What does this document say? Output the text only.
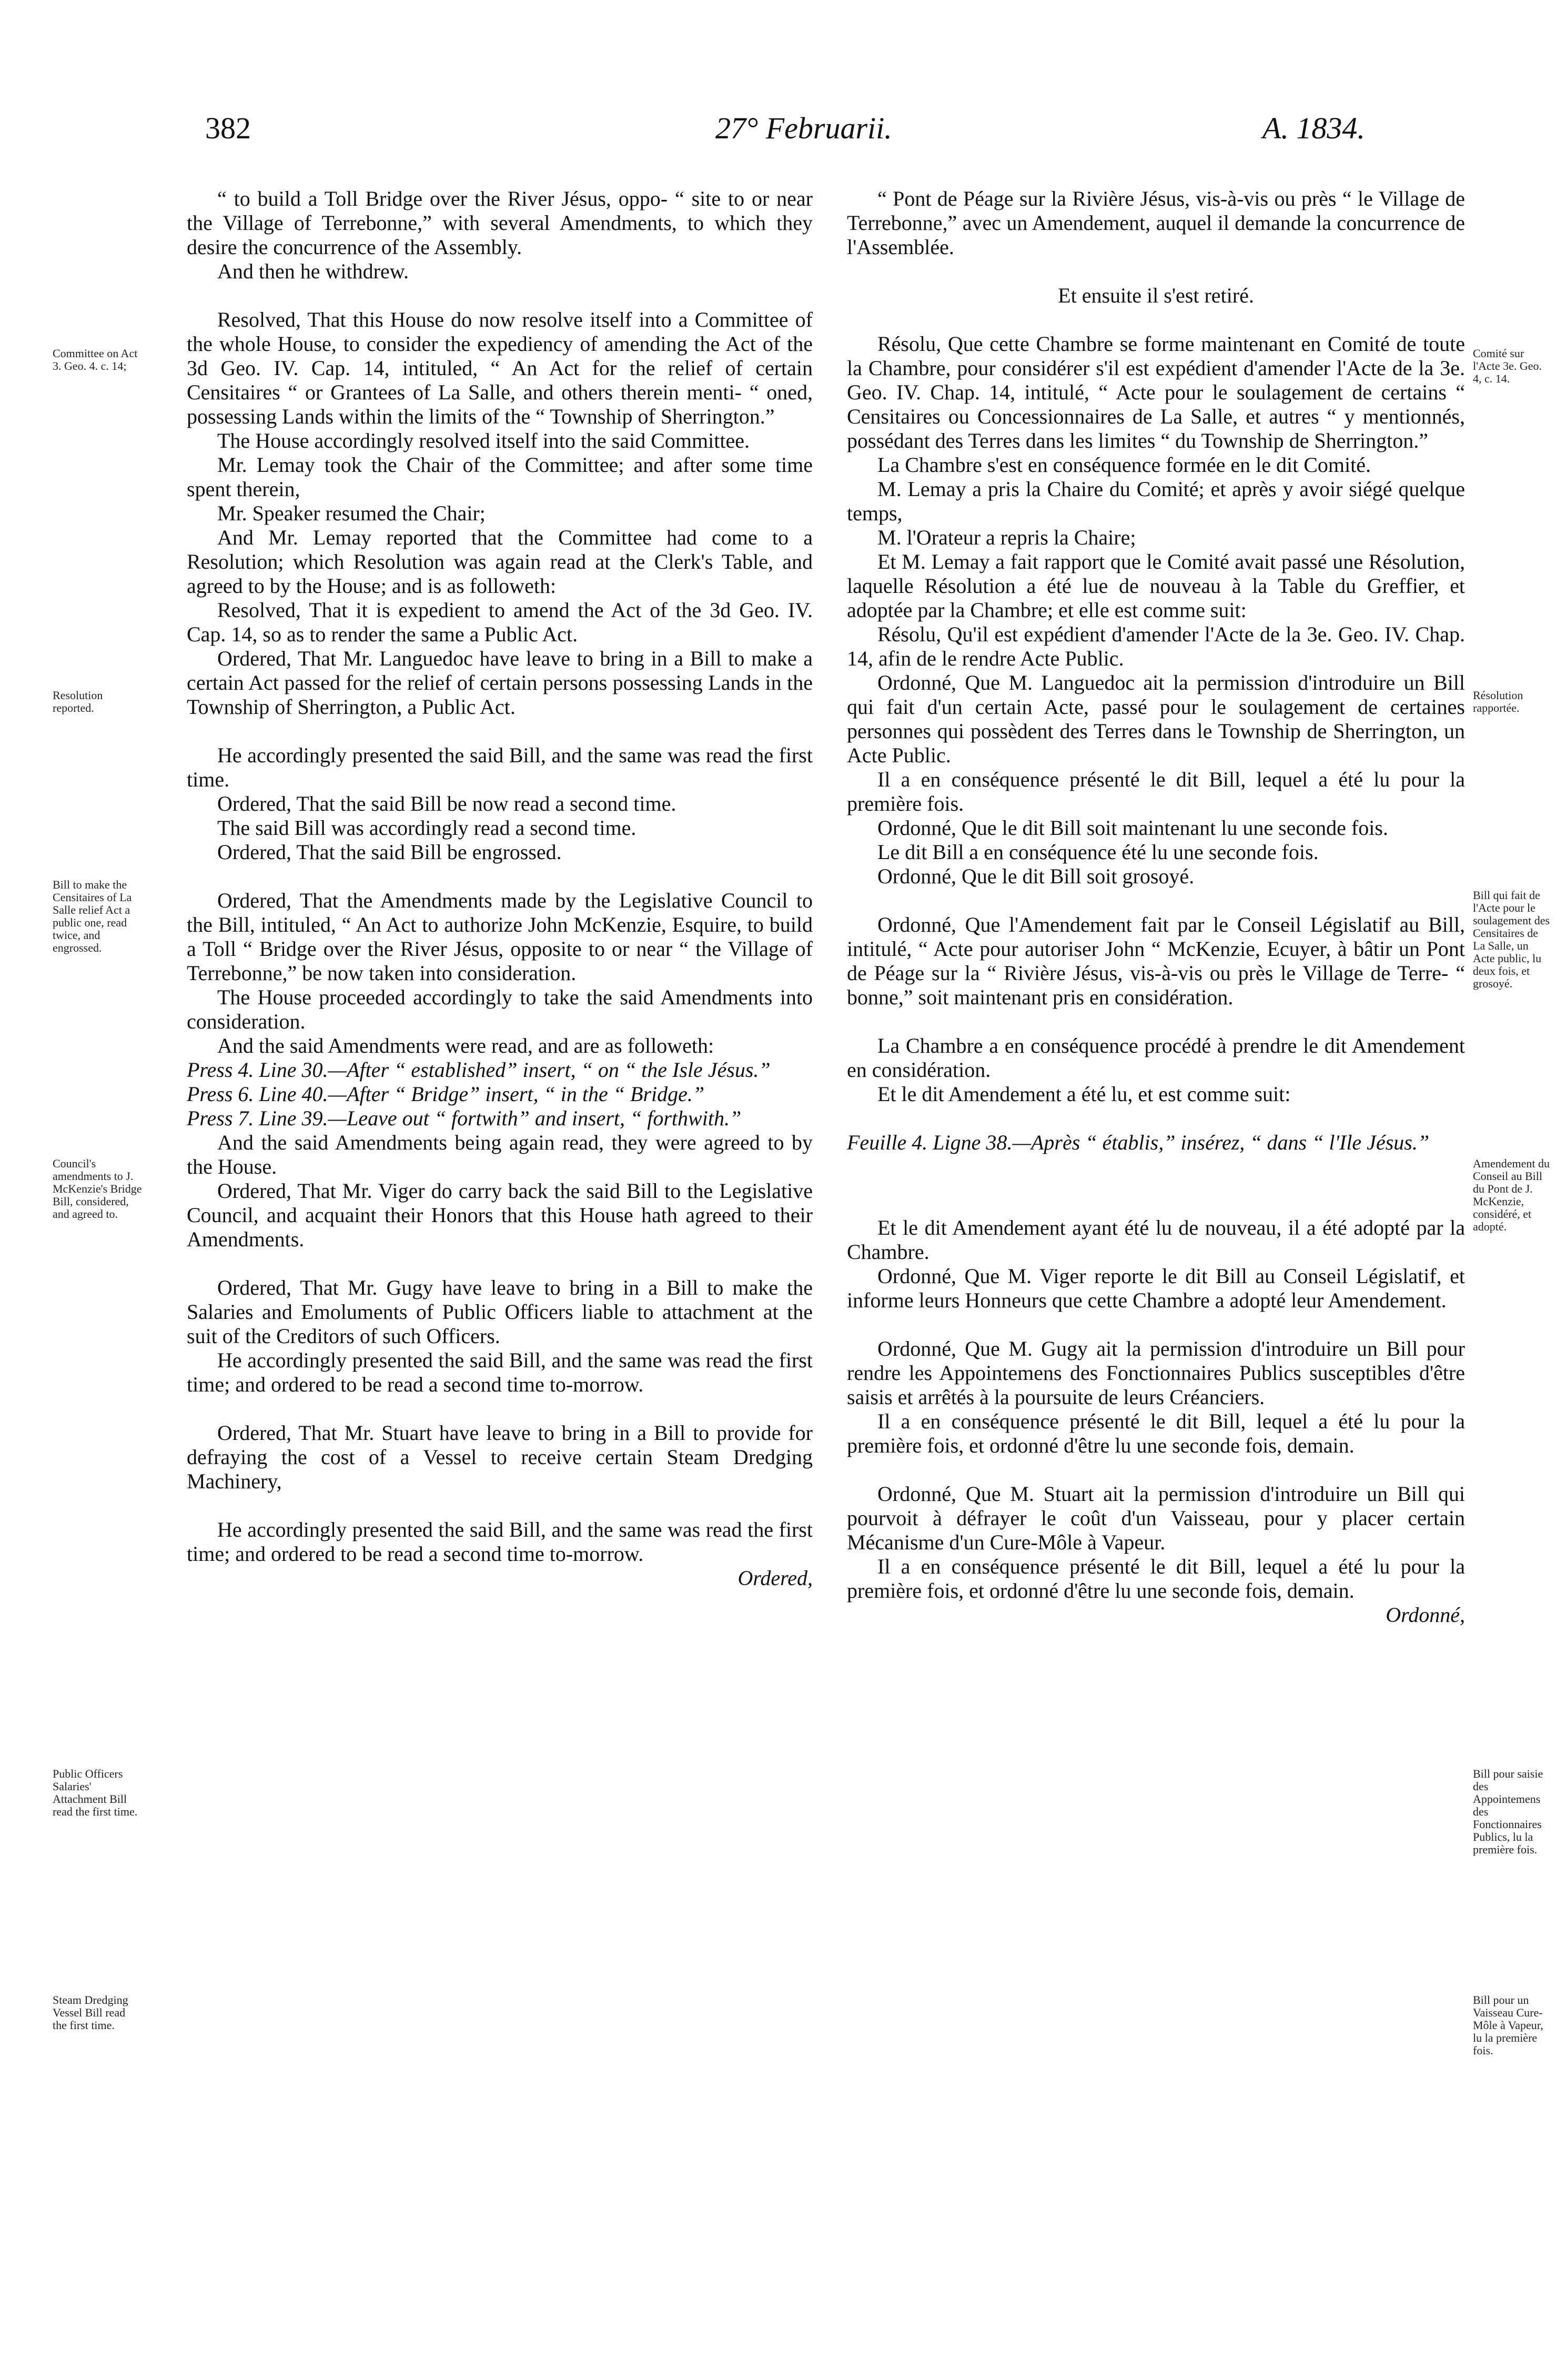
382	27° Februarii.	A. 1834.
Committee on Act 3. Geo. 4. c. 14;
Resolution reported.
Bill to make the Censitaires of La Salle relief Act a public one, read twice, and engrossed.
Council's amendments to J. McKenzie's Bridge Bill, considered, and agreed to.
Public Officers Salaries' Attachment Bill read the first time.
Steam Dredging Vessel Bill read the first time.
Comité sur l'Acte 3e. Geo. 4, c. 14.
Résolution rapportée.
Bill qui fait de l'Acte pour le soulagement des Censitaires de La Salle, un Acte public, lu deux fois, et grosoyé.
Amendement du Conseil au Bill du Pont de J. McKenzie, considéré, et adopté.
Bill pour saisie des Appointemens des Fonctionnaires Publics, lu la première fois.
Bill pour un Vaisseau Cure-Môle à Vapeur, lu la première fois.

“ to build a Toll Bridge over the River Jésus, oppo- “ site to or near the Village of Terrebonne,” with several Amendments, to which they desire the concurrence of the Assembly.

And then he withdrew.

Resolved, That this House do now resolve itself into a Committee of the whole House, to consider the expediency of amending the Act of the 3d Geo. IV. Cap. 14, intituled, “ An Act for the relief of certain Censitaires “ or Grantees of La Salle, and others therein menti- “ oned, possessing Lands within the limits of the “ Township of Sherrington.”

The House accordingly resolved itself into the said Committee.

Mr. Lemay took the Chair of the Committee; and after some time spent therein,

Mr. Speaker resumed the Chair;

And Mr. Lemay reported that the Committee had come to a Resolution; which Resolution was again read at the Clerk's Table, and agreed to by the House; and is as followeth:

Resolved, That it is expedient to amend the Act of the 3d Geo. IV. Cap. 14, so as to render the same a Public Act.

Ordered, That Mr. Languedoc have leave to bring in a Bill to make a certain Act passed for the relief of certain persons possessing Lands in the Township of Sherrington, a Public Act.

He accordingly presented the said Bill, and the same was read the first time.

Ordered, That the said Bill be now read a second time.

The said Bill was accordingly read a second time.

Ordered, That the said Bill be engrossed.

Ordered, That the Amendments made by the Legislative Council to the Bill, intituled, “ An Act to authorize John McKenzie, Esquire, to build a Toll “ Bridge over the River Jésus, opposite to or near “ the Village of Terrebonne,” be now taken into consideration.

The House proceeded accordingly to take the said Amendments into consideration.

And the said Amendments were read, and are as followeth:

Press 4. Line 30.—After “ established” insert, “ on “ the Isle Jésus.”

Press 6. Line 40.—After “ Bridge” insert, “ in the “ Bridge.”

Press 7. Line 39.—Leave out “ fortwith” and insert, “ forthwith.”

And the said Amendments being again read, they were agreed to by the House.

Ordered, That Mr. Viger do carry back the said Bill to the Legislative Council, and acquaint their Honors that this House hath agreed to their Amendments.

Ordered, That Mr. Gugy have leave to bring in a Bill to make the Salaries and Emoluments of Public Officers liable to attachment at the suit of the Creditors of such Officers.

He accordingly presented the said Bill, and the same was read the first time; and ordered to be read a second time to-morrow.

Ordered, That Mr. Stuart have leave to bring in a Bill to provide for defraying the cost of a Vessel to receive certain Steam Dredging Machinery,

He accordingly presented the said Bill, and the same was read the first time; and ordered to be read a second time to-morrow.

Ordered,

“ Pont de Péage sur la Rivière Jésus, vis-à-vis ou près “ le Village de Terrebonne,” avec un Amendement, auquel il demande la concurrence de l'Assemblée.

Et ensuite il s'est retiré.

Résolu, Que cette Chambre se forme maintenant en Comité de toute la Chambre, pour considérer s'il est expédient d'amender l'Acte de la 3e. Geo. IV. Chap. 14, intitulé, “ Acte pour le soulagement de certains “ Censitaires ou Concessionnaires de La Salle, et autres “ y mentionnés, possédant des Terres dans les limites “ du Township de Sherrington.”

La Chambre s'est en conséquence formée en le dit Comité.

M. Lemay a pris la Chaire du Comité; et après y avoir siégé quelque temps,

M. l'Orateur a repris la Chaire;

Et M. Lemay a fait rapport que le Comité avait passé une Résolution, laquelle Résolution a été lue de nouveau à la Table du Greffier, et adoptée par la Chambre; et elle est comme suit:

Résolu, Qu'il est expédient d'amender l'Acte de la 3e. Geo. IV. Chap. 14, afin de le rendre Acte Public.

Ordonné, Que M. Languedoc ait la permission d'introduire un Bill qui fait d'un certain Acte, passé pour le soulagement de certaines personnes qui possèdent des Terres dans le Township de Sherrington, un Acte Public.

Il a en conséquence présenté le dit Bill, lequel a été lu pour la première fois.

Ordonné, Que le dit Bill soit maintenant lu une seconde fois.

Le dit Bill a en conséquence été lu une seconde fois.

Ordonné, Que le dit Bill soit grosoyé.

Ordonné, Que l'Amendement fait par le Conseil Législatif au Bill, intitulé, “ Acte pour autoriser John “ McKenzie, Ecuyer, à bâtir un Pont de Péage sur la “ Rivière Jésus, vis-à-vis ou près le Village de Terre- “ bonne,” soit maintenant pris en considération.

La Chambre a en conséquence procédé à prendre le dit Amendement en considération.

Et le dit Amendement a été lu, et est comme suit:

Feuille 4. Ligne 38.—Après “ établis,” insérez, “ dans “ l'Ile Jésus.”

Et le dit Amendement ayant été lu de nouveau, il a été adopté par la Chambre.

Ordonné, Que M. Viger reporte le dit Bill au Conseil Législatif, et informe leurs Honneurs que cette Chambre a adopté leur Amendement.

Ordonné, Que M. Gugy ait la permission d'introduire un Bill pour rendre les Appointemens des Fonctionnaires Publics susceptibles d'être saisis et arrêtés à la poursuite de leurs Créanciers.

Il a en conséquence présenté le dit Bill, lequel a été lu pour la première fois, et ordonné d'être lu une seconde fois, demain.

Ordonné, Que M. Stuart ait la permission d'introduire un Bill qui pourvoit à défrayer le coût d'un Vaisseau, pour y placer certain Mécanisme d'un Cure-Môle à Vapeur.

Il a en conséquence présenté le dit Bill, lequel a été lu pour la première fois, et ordonné d'être lu une seconde fois, demain.

Ordonné,
